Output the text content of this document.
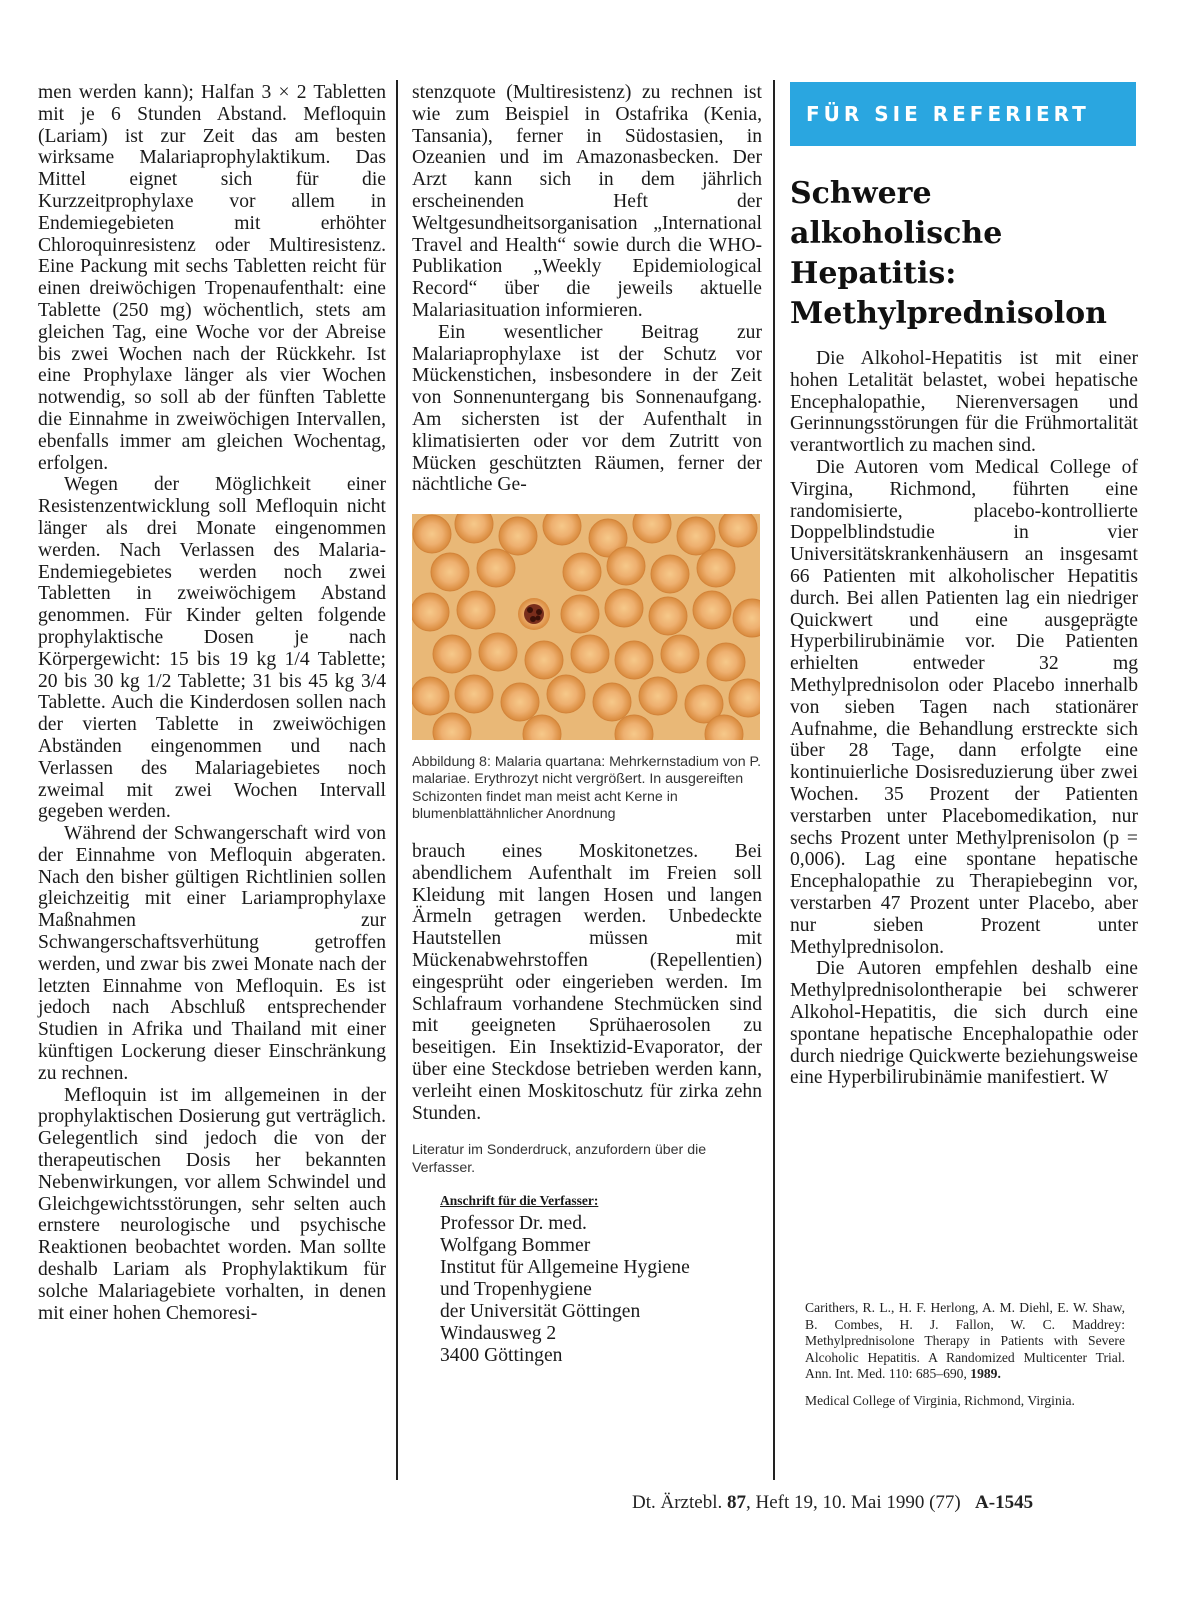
men werden kann); Halfan 3 × 2 Tabletten mit je 6 Stunden Abstand. Mefloquin (Lariam) ist zur Zeit das am besten wirksame Malariaprophylaktikum. Das Mittel eignet sich für die Kurzzeitprophylaxe vor allem in Endemiegebieten mit erhöhter Chloroquinresistenz oder Multiresistenz. Eine Packung mit sechs Tabletten reicht für einen dreiwöchigen Tropenaufenthalt: eine Tablette (250 mg) wöchentlich, stets am gleichen Tag, eine Woche vor der Abreise bis zwei Wochen nach der Rückkehr. Ist eine Prophylaxe länger als vier Wochen notwendig, so soll ab der fünften Tablette die Einnahme in zweiwöchigen Intervallen, ebenfalls immer am gleichen Wochentag, erfolgen.

Wegen der Möglichkeit einer Resistenzentwicklung soll Mefloquin nicht länger als drei Monate eingenommen werden. Nach Verlassen des Malaria-Endemiegebietes werden noch zwei Tabletten in zweiwöchigem Abstand genommen. Für Kinder gelten folgende prophylaktische Dosen je nach Körpergewicht: 15 bis 19 kg 1/4 Tablette; 20 bis 30 kg 1/2 Tablette; 31 bis 45 kg 3/4 Tablette. Auch die Kinderdosen sollen nach der vierten Tablette in zweiwöchigen Abständen eingenommen und nach Verlassen des Malariagebietes noch zweimal mit zwei Wochen Intervall gegeben werden.

Während der Schwangerschaft wird von der Einnahme von Mefloquin abgeraten. Nach den bisher gültigen Richtlinien sollen gleichzeitig mit einer Lariamprophylaxe Maßnahmen zur Schwangerschaftsverhütung getroffen werden, und zwar bis zwei Monate nach der letzten Einnahme von Mefloquin. Es ist jedoch nach Abschluß entsprechender Studien in Afrika und Thailand mit einer künftigen Lockerung dieser Einschränkung zu rechnen.

Mefloquin ist im allgemeinen in der prophylaktischen Dosierung gut verträglich. Gelegentlich sind jedoch die von der therapeutischen Dosis her bekannten Nebenwirkungen, vor allem Schwindel und Gleichgewichtsstörungen, sehr selten auch ernstere neurologische und psychische Reaktionen beobachtet worden. Man sollte deshalb Lariam als Prophylaktikum für solche Malariagebiete vorhalten, in denen mit einer hohen Chemoresi-

stenzquote (Multiresistenz) zu rechnen ist wie zum Beispiel in Ostafrika (Kenia, Tansania), ferner in Südostasien, in Ozeanien und im Amazonasbecken. Der Arzt kann sich in dem jährlich erscheinenden Heft der Weltgesundheitsorganisation „International Travel and Health“ sowie durch die WHO-Publikation „Weekly Epidemiological Record“ über die jeweils aktuelle Malariasituation informieren.

Ein wesentlicher Beitrag zur Malariaprophylaxe ist der Schutz vor Mückenstichen, insbesondere in der Zeit von Sonnenuntergang bis Sonnenaufgang. Am sichersten ist der Aufenthalt in klimatisierten oder vor dem Zutritt von Mücken geschützten Räumen, ferner der nächtliche Ge-

Abbildung 8: Malaria quartana: Mehrkernstadium von P. malariae. Erythrozyt nicht vergrößert. In ausgereiften Schizonten findet man meist acht Kerne in blumenblattähnlicher Anordnung

brauch eines Moskitonetzes. Bei abendlichem Aufenthalt im Freien soll Kleidung mit langen Hosen und langen Ärmeln getragen werden. Unbedeckte Hautstellen müssen mit Mückenabwehrstoffen (Repellentien) eingesprüht oder eingerieben werden. Im Schlafraum vorhandene Stechmücken sind mit geeigneten Sprühaerosolen zu beseitigen. Ein Insektizid-Evaporator, der über eine Steckdose betrieben werden kann, verleiht einen Moskitoschutz für zirka zehn Stunden.

Literatur im Sonderdruck, anzufordern über die Verfasser.

Anschrift für die Verfasser:

Professor Dr. med.
Wolfgang Bommer
Institut für Allgemeine Hygiene
und Tropenhygiene
der Universität Göttingen
Windausweg 2
3400 Göttingen
FÜR SIE REFERIERT
Schwere alkoholische Hepatitis: Methylprednisolon

Die Alkohol-Hepatitis ist mit einer hohen Letalität belastet, wobei hepatische Encephalopathie, Nierenversagen und Gerinnungsstörungen für die Frühmortalität verantwortlich zu machen sind.

Die Autoren vom Medical College of Virgina, Richmond, führten eine randomisierte, placebo-kontrollierte Doppelblindstudie in vier Universitätskrankenhäusern an insgesamt 66 Patienten mit alkoholischer Hepatitis durch. Bei allen Patienten lag ein niedriger Quickwert und eine ausgeprägte Hyperbilirubinämie vor. Die Patienten erhielten entweder 32 mg Methylprednisolon oder Placebo innerhalb von sieben Tagen nach stationärer Aufnahme, die Behandlung erstreckte sich über 28 Tage, dann erfolgte eine kontinuierliche Dosisreduzierung über zwei Wochen. 35 Prozent der Patienten verstarben unter Placebomedikation, nur sechs Prozent unter Methylprenisolon (p = 0,006). Lag eine spontane hepatische Encephalopathie zu Therapiebeginn vor, verstarben 47 Prozent unter Placebo, aber nur sieben Prozent unter Methylprednisolon.

Die Autoren empfehlen deshalb eine Methylprednisolontherapie bei schwerer Alkohol-Hepatitis, die sich durch eine spontane hepatische Encephalopathie oder durch niedrige Quickwerte beziehungsweise eine Hyperbilirubinämie manifestiert. W

Carithers, R. L., H. F. Herlong, A. M. Diehl, E. W. Shaw, B. Combes, H. J. Fallon, W. C. Maddrey: Methylprednisolone Therapy in Patients with Severe Alcoholic Hepatitis. A Randomized Multicenter Trial. Ann. Int. Med. 110: 685–690, 1989.

Medical College of Virginia, Richmond, Virginia.

Dt. Ärztebl. 87, Heft 19, 10. Mai 1990 (77) A-1545
